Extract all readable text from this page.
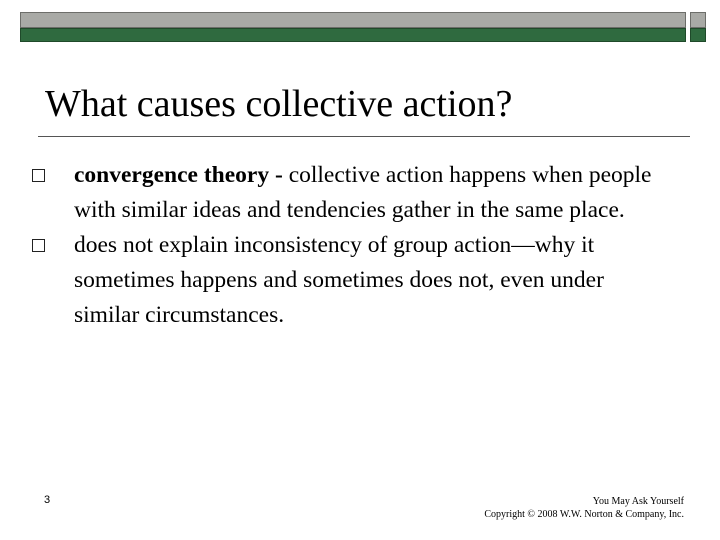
What causes collective action?
convergence theory - collective action happens when people with similar ideas and tendencies gather in the same place.
does not explain inconsistency of group action—why it sometimes happens and sometimes does not, even under similar circumstances.
3	You May Ask Yourself
Copyright © 2008 W.W. Norton & Company, Inc.
